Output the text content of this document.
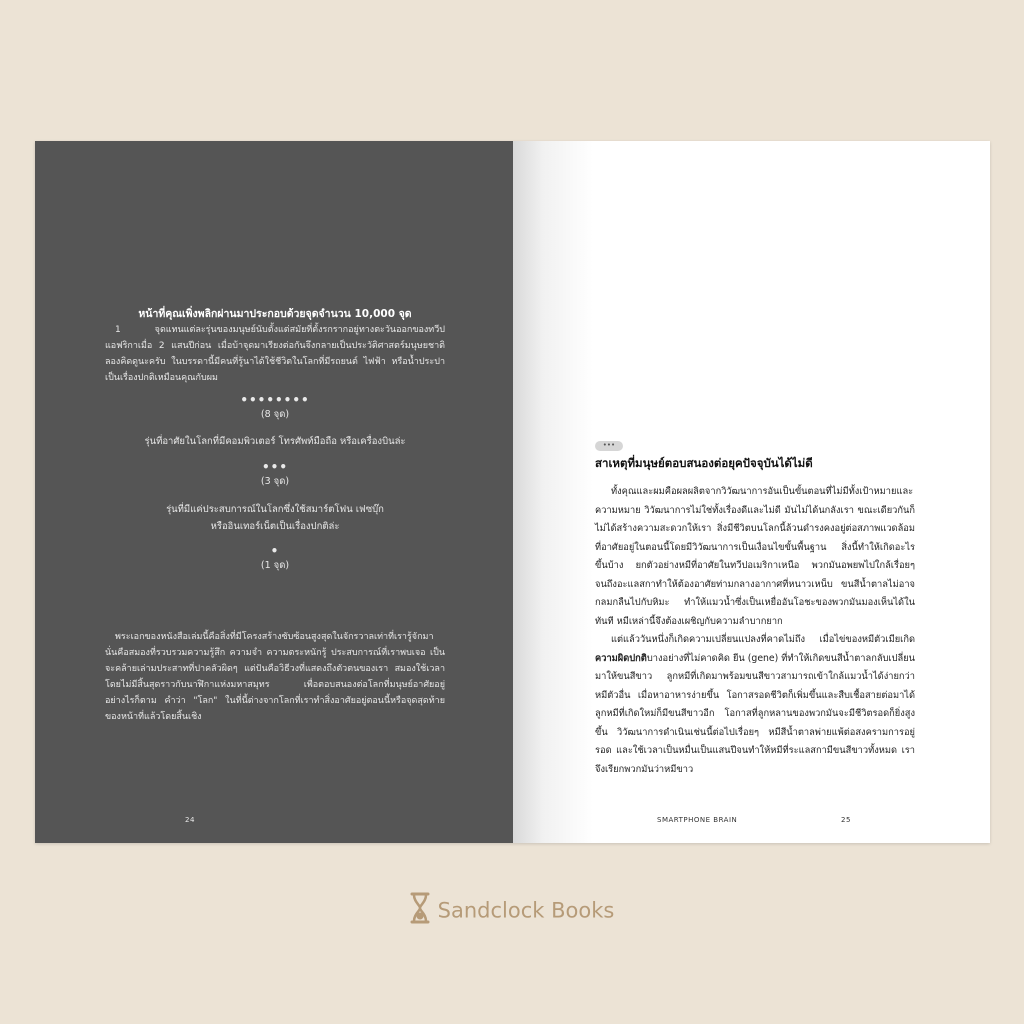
หน้าที่คุณเพิ่งพลิกผ่านมาประกอบด้วยจุดจำนวน 10,000 จุด
1 จุดแทนแต่ละรุ่นของมนุษย์นับตั้งแต่สมัยที่ตั้งรกรากอยู่ทางตะวันออกของทวีปแอฟริกาเมื่อ 2 แสนปีก่อน เมื่อบ้าจุดมาเรียงต่อกันจึงกลายเป็นประวัติศาสตร์มนุษยชาติ ลองคิดดูนะครับ ในบรรดานี้มีคนที่รู้นาได้ใช้ชีวิตในโลกที่มีรถยนต์ ไฟฟ้า หรือน้ำประปาเป็นเรื่องปกติเหมือนคุณกับผม
••••••••
(8 จุด)
รุ่นที่อาศัยในโลกที่มีคอมพิวเตอร์ โทรศัพท์มือถือ หรือเครื่องบินล่ะ
•••
(3 จุด)
รุ่นที่มีแค่ประสบการณ์ในโลกซึ่งใช้สมาร์ตโฟน เฟซบุ๊ก
หรืออินเทอร์เน็ตเป็นเรื่องปกติล่ะ
•
(1 จุด)
พระเอกของหนังสือเล่มนี้คือสิ่งที่มีโครงสร้างซับซ้อนสูงสุดในจักรวาลเท่าที่เรารู้จักมา นั่นคือสมองที่รวบรวมความรู้สึก ความจำ ความตระหนักรู้ ประสบการณ์ที่เราพบเจอ เป็นจะคล้ายเล่ามประสาทที่ปาคลัวผิดๆ แต่ปันคือวิธีวงที่แสดงถึงตัวตนของเรา สมองใช้เวลาโดยไม่มีสิ้นสุดราวกับนาฬิกาแห่งมหาสมุทร เพื่อตอบสนองต่อโลกที่มนุษย์อาศัยอยู่ อย่างไรก็ตาม คำว่า "โลก" ในที่นี้ต่างจากโลกที่เราทำสิ่งอาศัยอยู่ตอนนี้หรือจุดสุดท้ายของหน้าที่แล้วโดยสิ้นเชิง
24
•••
สาเหตุที่มนุษย์ตอบสนองต่อยุคปัจจุบันได้ไม่ดี

ทั้งคุณและผมคือผลผลิตจากวิวัฒนาการอันเป็นขั้นตอนที่ไม่มีทั้งเป้าหมายและความหมาย วิวัฒนาการไม่ใช่ทั้งเรื่องดีและไม่ดี มันไม่ได้นกลังเรา ขณะเดียวกันก็ไม่ได้สร้างความสะดวกให้เรา สิ่งมีชีวิตบนโลกนี้ล้วนดำรงคงอยู่ต่อสภาพแวดล้อมที่อาศัยอยู่ในตอนนี้โดยมีวิวัฒนาการเป็นเงื่อนไขขั้นพื้นฐาน สิ่งนี้ทำให้เกิดอะไรขึ้นบ้าง ยกตัวอย่างหมีที่อาศัยในทวีปอเมริกาเหนือ พวกมันอพยพไปใกล้เรื่อยๆ จนถึงอะแลสกาทำให้ต้องอาศัยท่ามกลางอากาศที่หนาวเหน็บ ขนสีน้ำตาลไม่อาจกลมกลืนไปกับหิมะ ทำให้แมวน้ำซึ่งเป็นเหยื่ออันโอชะของพวกมันมองเห็นได้ในทันที หมีเหล่านี้จึงต้องเผชิญกับความลำบากยาก

แต่แล้ววันหนึ่งก็เกิดความเปลี่ยนแปลงที่คาดไม่ถึง เมื่อไข่ของหมีตัวเมียเกิดความผิดปกติบางอย่างที่ไม่คาดคิด ยีน (gene) ที่ทำให้เกิดขนสีน้ำตาลกลับเปลี่ยนมาให้ขนสีขาว ลูกหมีที่เกิดมาพร้อมขนสีขาวสามารถเข้าใกล้แมวน้ำได้ง่ายกว่าหมีตัวอื่น เมื่อหาอาหารง่ายขึ้น โอกาสรอดชีวิตก็เพิ่มขึ้นและสืบเชื้อสายต่อมาได้ ลูกหมีที่เกิดใหม่ก็มีขนสีขาวอีก โอกาสที่ลูกหลานของพวกมันจะมีชีวิตรอดก็ยิ่งสูงขึ้น วิวัฒนาการดำเนินเช่นนี้ต่อไปเรื่อยๆ หมีสีน้ำตาลพ่ายแพ้ต่อสงครามการอยู่รอด และใช้เวลาเป็นหมื่นเป็นแสนปีจนทำให้หมีที่ระแลสกามีขนสีขาวทั้งหมด เราจึงเรียกพวกมันว่าหมีขาว

SMARTPHONE BRAIN	25
Sandclock Books
